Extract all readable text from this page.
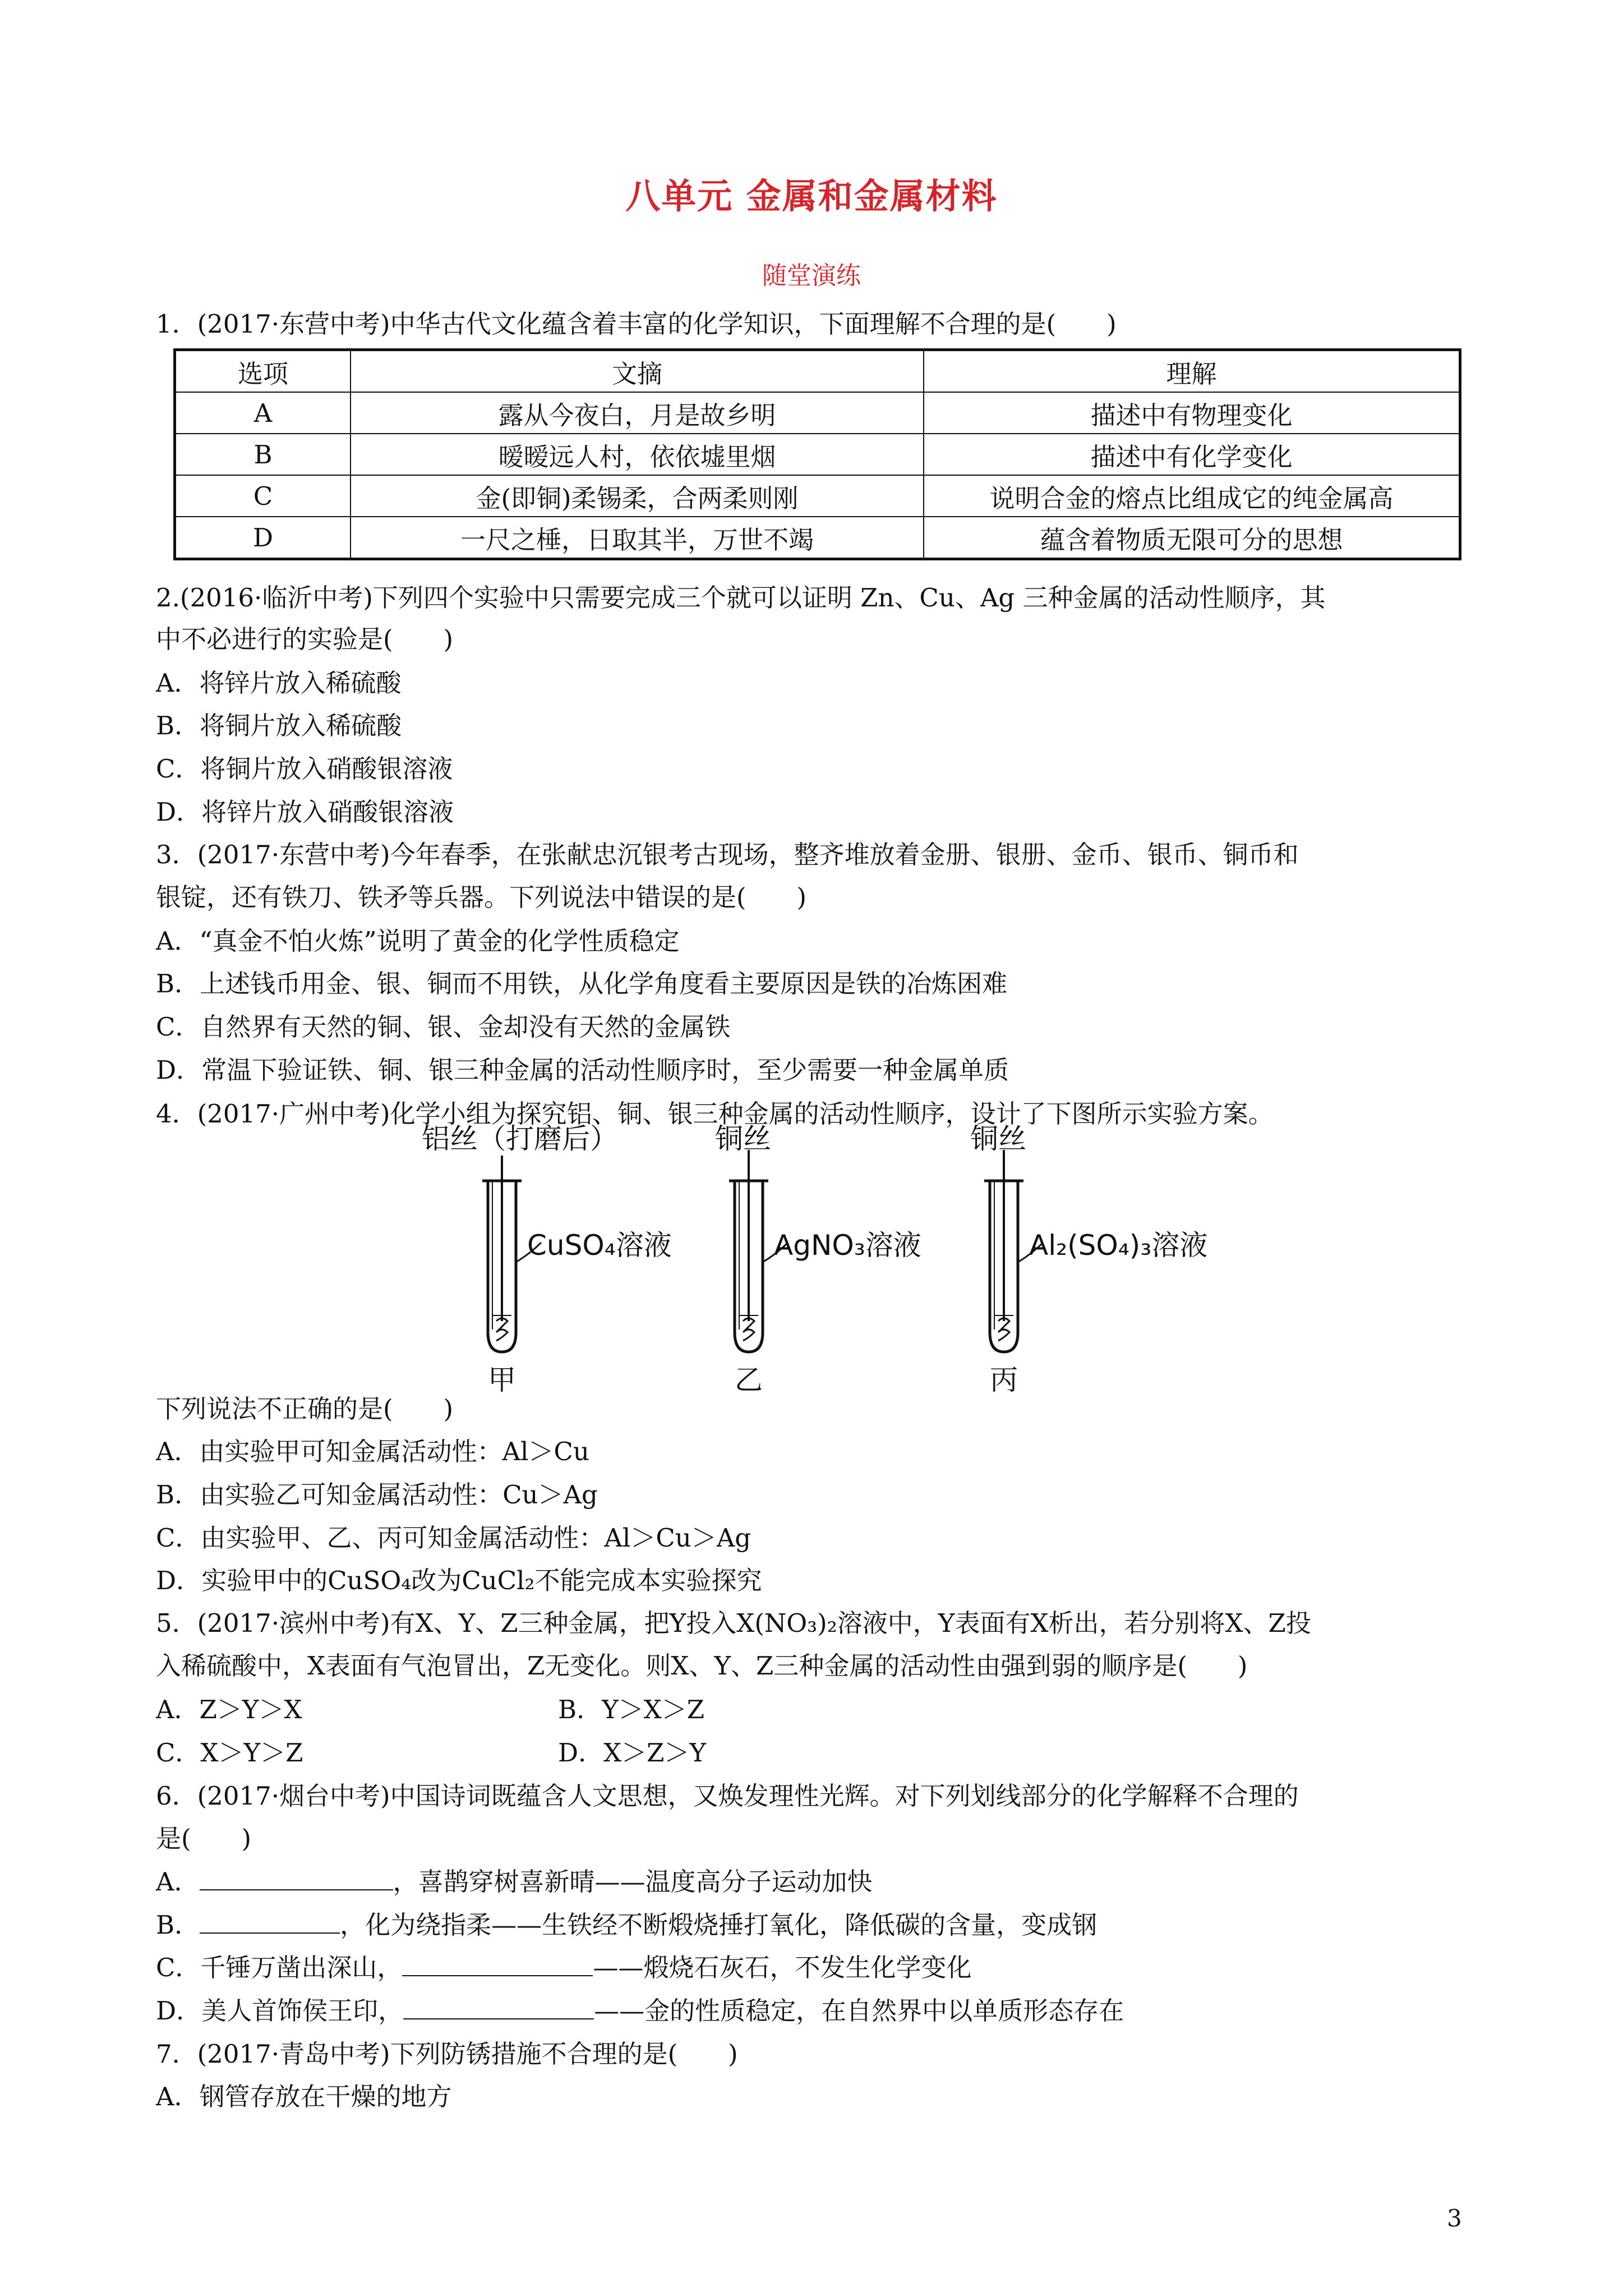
八单元 金属和金属材料
随堂演练
1．(2017·东营中考)中华古代文化蕴含着丰富的化学知识，下面理解不合理的是(　　)
选项	文摘	理解
A	露从今夜白，月是故乡明	描述中有物理变化
B	暧暧远人村，依依墟里烟	描述中有化学变化
C	金(即铜)柔锡柔，合两柔则刚	说明合金的熔点比组成它的纯金属高
D	一尺之棰，日取其半，万世不竭	蕴含着物质无限可分的思想
2.(2016·临沂中考)下列四个实验中只需要完成三个就可以证明 Zn、Cu、Ag 三种金属的活动性顺序，其
中不必进行的实验是(　　)
A．将锌片放入稀硫酸
B．将铜片放入稀硫酸
C．将铜片放入硝酸银溶液
D．将锌片放入硝酸银溶液
3．(2017·东营中考)今年春季，在张献忠沉银考古现场，整齐堆放着金册、银册、金币、银币、铜币和
银锭，还有铁刀、铁矛等兵器。下列说法中错误的是(　　)
A．“真金不怕火炼”说明了黄金的化学性质稳定
B．上述钱币用金、银、铜而不用铁，从化学角度看主要原因是铁的冶炼困难
C．自然界有天然的铜、银、金却没有天然的金属铁
D．常温下验证铁、铜、银三种金属的活动性顺序时，至少需要一种金属单质
4．(2017·广州中考)化学小组为探究铝、铜、银三种金属的活动性顺序，设计了下图所示实验方案。
铝丝（打磨后）	铜丝	铜丝
CuSO₄溶液	AgNO₃溶液	Al₂(SO₄)₃溶液
甲	乙	丙
下列说法不正确的是(　　)
A．由实验甲可知金属活动性：Al＞Cu
B．由实验乙可知金属活动性：Cu＞Ag
C．由实验甲、乙、丙可知金属活动性：Al＞Cu＞Ag
D．实验甲中的CuSO₄改为CuCl₂不能完成本实验探究
5．(2017·滨州中考)有X、Y、Z三种金属，把Y投入X(NO₃)₂溶液中，Y表面有X析出，若分别将X、Z投
入稀硫酸中，X表面有气泡冒出，Z无变化。则X、Y、Z三种金属的活动性由强到弱的顺序是(　　)
A．Z＞Y＞X	B．Y＞X＞Z
C．X＞Y＞Z	D．X＞Z＞Y
6．(2017·烟台中考)中国诗词既蕴含人文思想，又焕发理性光辉。对下列划线部分的化学解释不合理的
是(　　)
A．	，喜鹊穿树喜新晴——温度高分子运动加快
B．	，化为绕指柔——生铁经不断煅烧捶打氧化，降低碳的含量，变成钢
C．千锤万凿出深山，	——煅烧石灰石，不发生化学变化
D．美人首饰侯王印，	——金的性质稳定，在自然界中以单质形态存在
7．(2017·青岛中考)下列防锈措施不合理的是(　　)
A．钢管存放在干燥的地方
3
